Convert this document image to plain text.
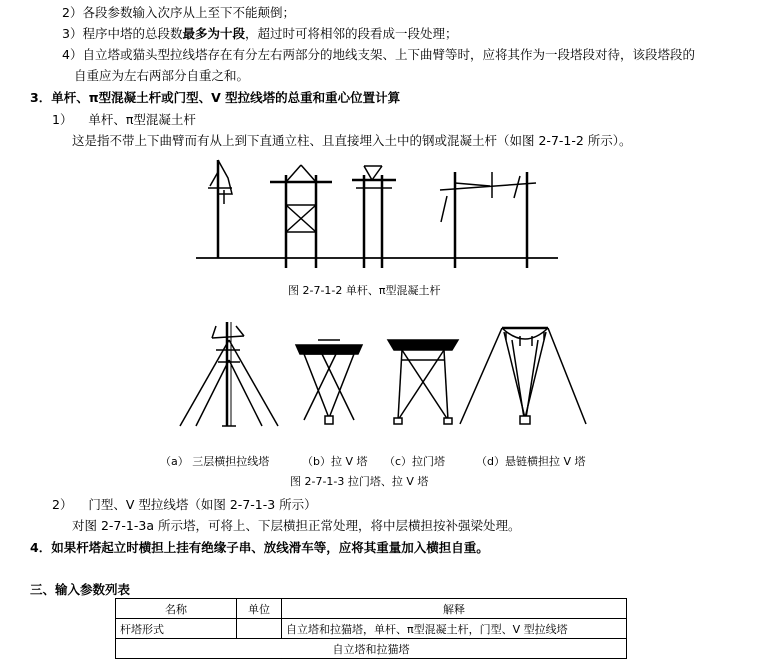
2）各段参数输入次序从上至下不能颠倒；
3）程序中塔的总段数最多为十段，超过时可将相邻的段看成一段处理；
4）自立塔或猫头型拉线塔存在有分左右两部分的地线支架、上下曲臂等时，应将其作为一段塔段对待，该段塔段的
自重应为左右两部分自重之和。
3．单杆、π型混凝土杆或门型、V 型拉线塔的总重和重心位置计算
1） 单杆、π型混凝土杆
这是指不带上下曲臂而有从上到下直通立柱、且直接埋入土中的钢或混凝土杆（如图 2-7-1-2 所示）。
图 2-7-1-2 单杆、π型混凝土杆
（a） 三层横担拉线塔	（b）拉 V 塔 （c）拉门塔	（d）悬链横担拉 V 塔
图 2-7-1-3 拉门塔、拉 V 塔
2） 门型、V 型拉线塔（如图 2-7-1-3 所示）
对图 2-7-1-3a 所示塔，可将上、下层横担正常处理，将中层横担按补强梁处理。
4．如果杆塔起立时横担上挂有绝缘子串、放线滑车等，应将其重量加入横担自重。
三、输入参数列表
名称	单位	解释
杆塔形式		自立塔和拉猫塔，单杆、π型混凝土杆，门型、V 型拉线塔
自立塔和拉猫塔		
